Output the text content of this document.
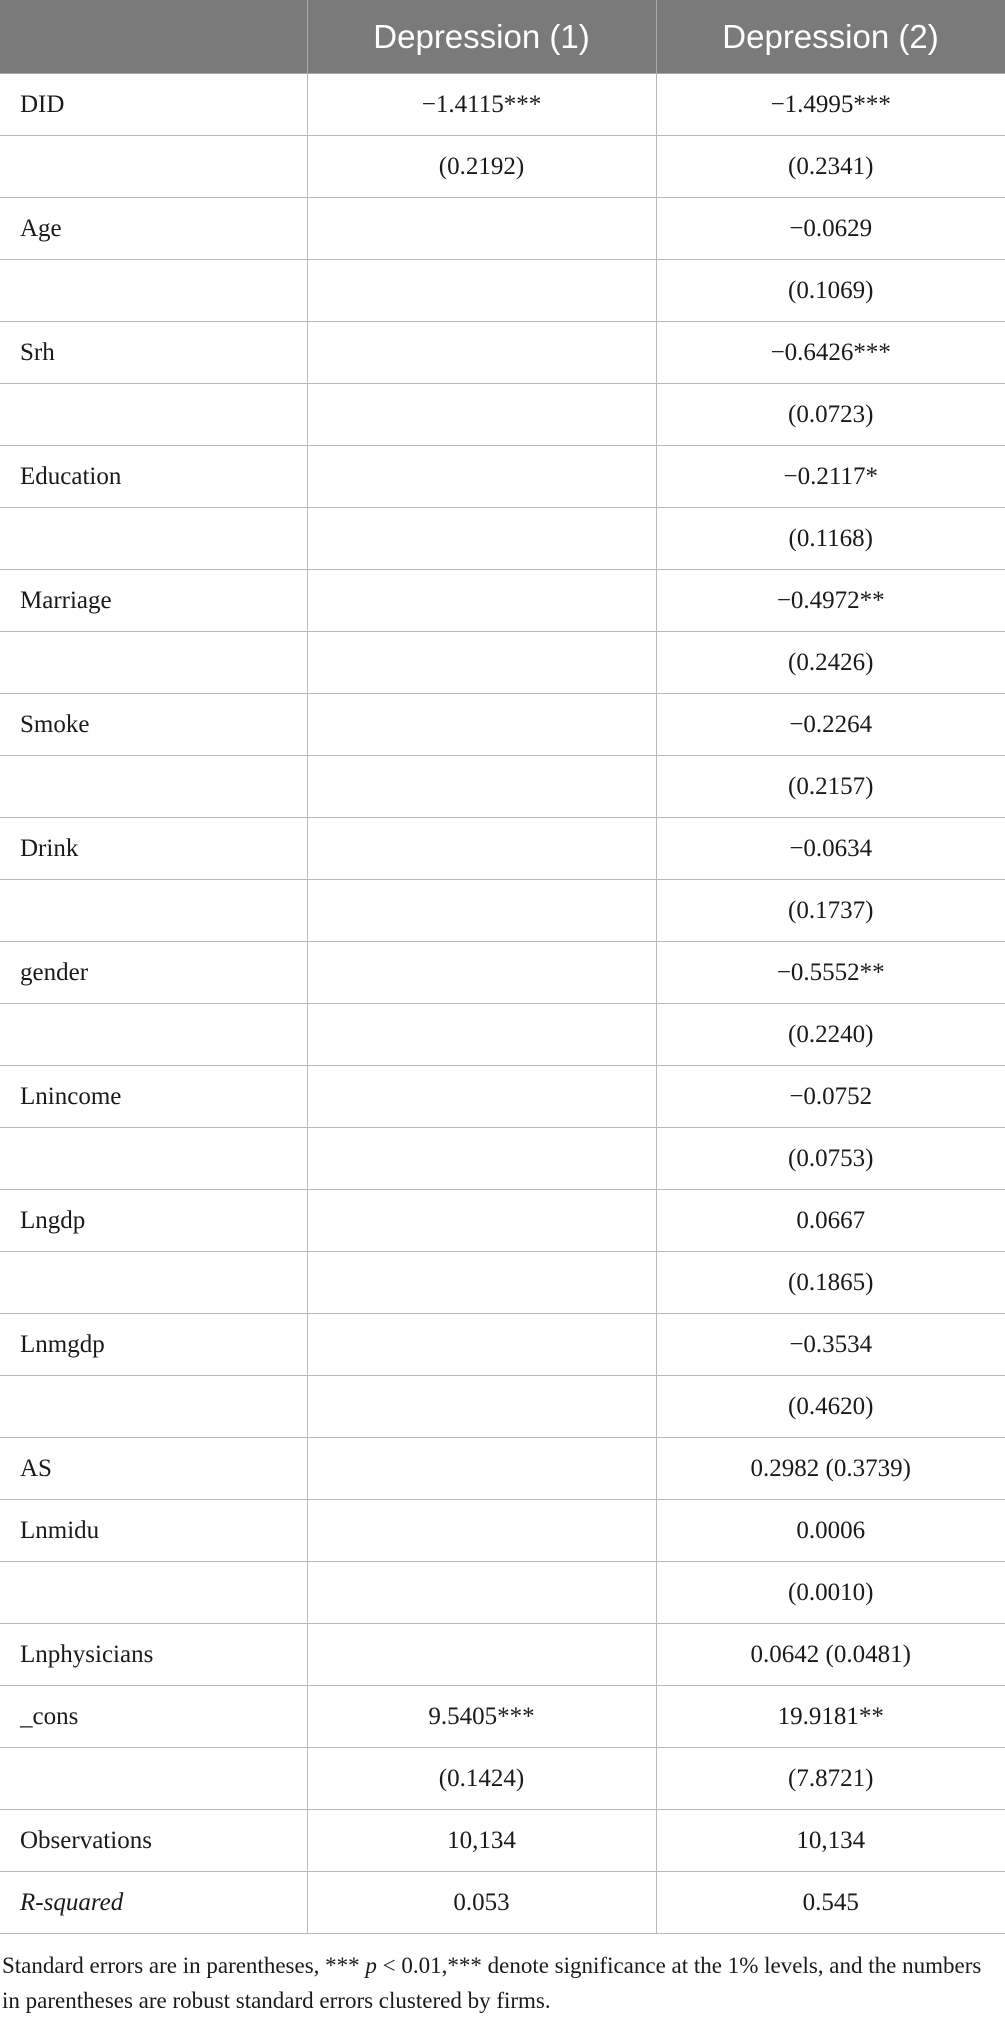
	Depression (1)	Depression (2)
DID	−1.4115***	−1.4995***
	(0.2192)	(0.2341)
Age		−0.0629
		(0.1069)
Srh		−0.6426***
		(0.0723)
Education		−0.2117*
		(0.1168)
Marriage		−0.4972**
		(0.2426)
Smoke		−0.2264
		(0.2157)
Drink		−0.0634
		(0.1737)
gender		−0.5552**
		(0.2240)
Lnincome		−0.0752
		(0.0753)
Lngdp		0.0667
		(0.1865)
Lnmgdp		−0.3534
		(0.4620)
AS		0.2982 (0.3739)
Lnmidu		0.0006
		(0.0010)
Lnphysicians		0.0642 (0.0481)
_cons	9.5405***	19.9181**
	(0.1424)	(7.8721)
Observations	10,134	10,134
R-squared	0.053	0.545
Standard errors are in parentheses, *** p < 0.01,*** denote significance at the 1% levels, and the numbers in parentheses are robust standard errors clustered by firms.
